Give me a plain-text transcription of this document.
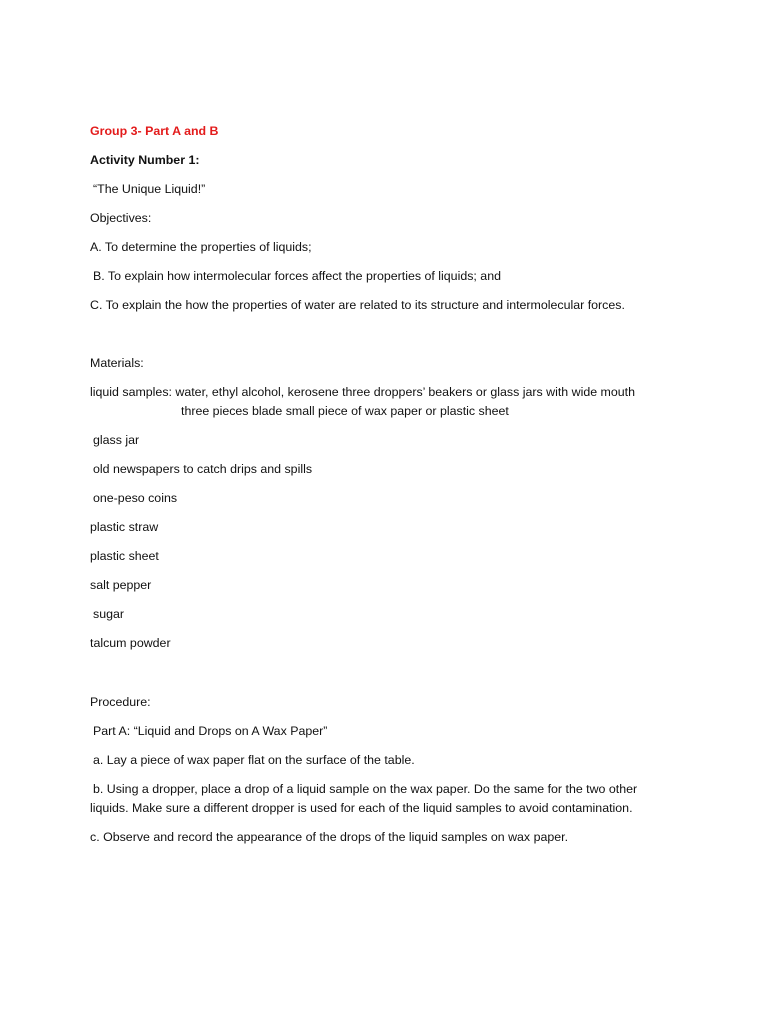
Group 3- Part A and B
Activity Number 1:
“The Unique Liquid!”
Objectives:
A. To determine the properties of liquids;
B. To explain how intermolecular forces affect the properties of liquids; and
C. To explain the how the properties of water are related to its structure and intermolecular forces.
Materials:
liquid samples: water, ethyl alcohol, kerosene three droppers’ beakers or glass jars with wide mouth
three pieces blade small piece of wax paper or plastic sheet
glass jar
old newspapers to catch drips and spills
one-peso coins
plastic straw
plastic sheet
salt pepper
sugar
talcum powder
Procedure:
Part A: “Liquid and Drops on A Wax Paper”
a. Lay a piece of wax paper flat on the surface of the table.
b. Using a dropper, place a drop of a liquid sample on the wax paper. Do the same for the two other
liquids. Make sure a different dropper is used for each of the liquid samples to avoid contamination.
c. Observe and record the appearance of the drops of the liquid samples on wax paper.
